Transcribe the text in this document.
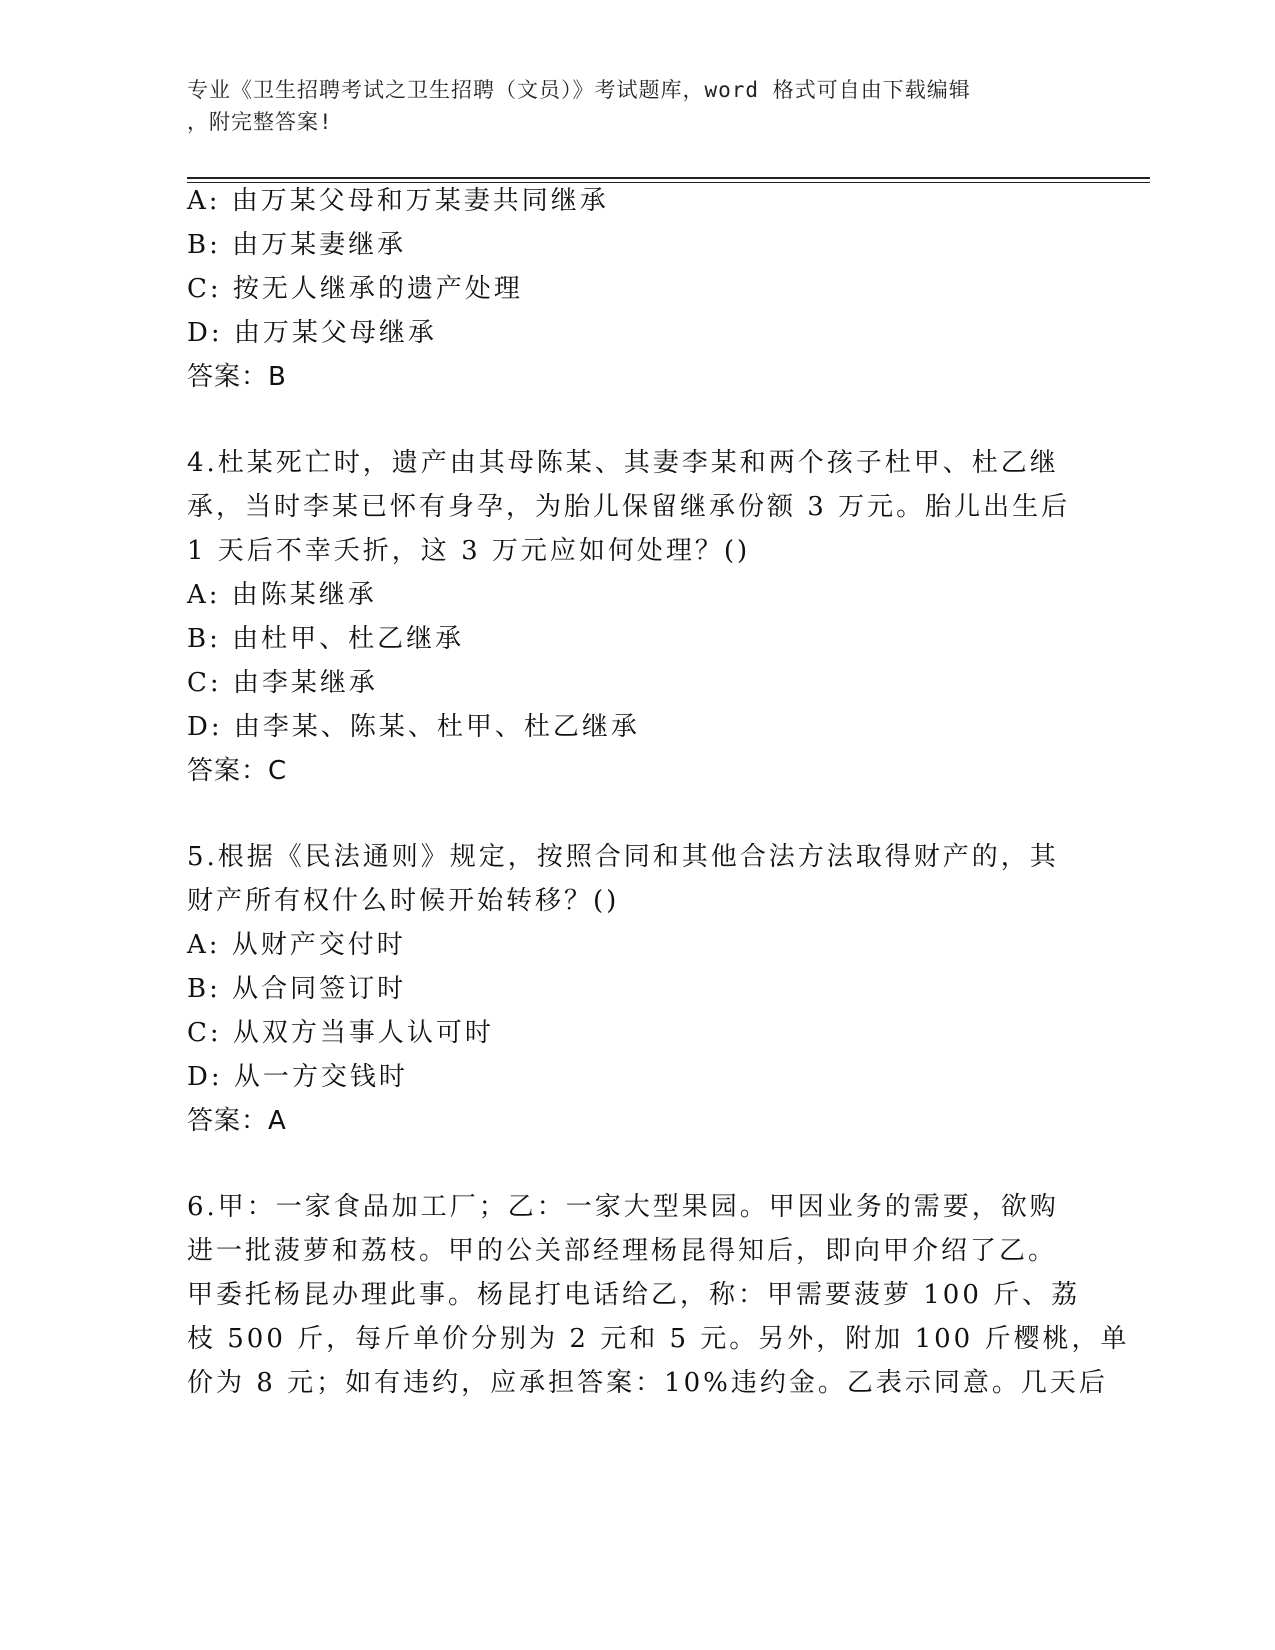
专业《卫生招聘考试之卫生招聘（文员）》考试题库，word 格式可自由下载编辑
，附完整答案!
A: 由万某父母和万某妻共同继承
B: 由万某妻继承
C: 按无人继承的遗产处理
D: 由万某父母继承
答案：B
4.杜某死亡时，遗产由其母陈某、其妻李某和两个孩子杜甲、杜乙继
承，当时李某已怀有身孕，为胎儿保留继承份额 3 万元。胎儿出生后
1 天后不幸夭折，这 3 万元应如何处理？()
A: 由陈某继承
B: 由杜甲、杜乙继承
C: 由李某继承
D: 由李某、陈某、杜甲、杜乙继承
答案：C
5.根据《民法通则》规定，按照合同和其他合法方法取得财产的，其
财产所有权什么时候开始转移？()
A: 从财产交付时
B: 从合同签订时
C: 从双方当事人认可时
D: 从一方交钱时
答案：A
6.甲：一家食品加工厂；乙：一家大型果园。甲因业务的需要，欲购
进一批菠萝和荔枝。甲的公关部经理杨昆得知后，即向甲介绍了乙。
甲委托杨昆办理此事。杨昆打电话给乙，称：甲需要菠萝 100 斤、荔
枝 500 斤，每斤单价分别为 2 元和 5 元。另外，附加 100 斤樱桃，单
价为 8 元；如有违约，应承担答案：10%违约金。乙表示同意。几天后
